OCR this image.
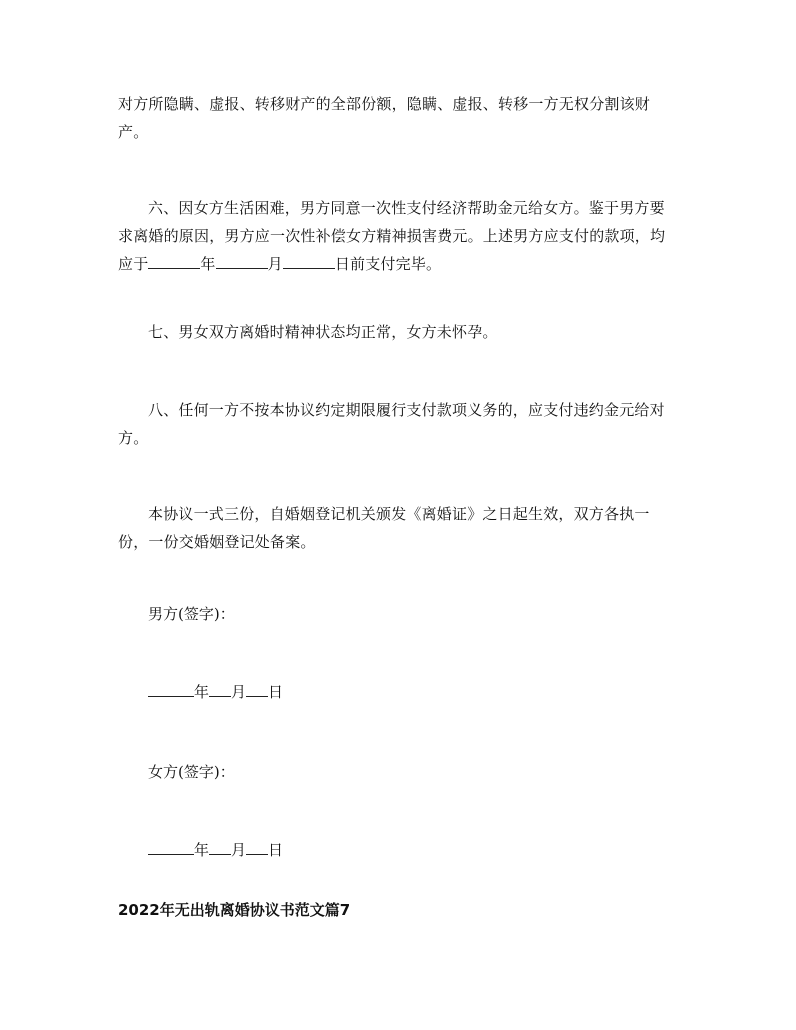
对方所隐瞒、虚报、转移财产的全部份额，隐瞒、虚报、转移一方无权分割该财产。

六、因女方生活困难，男方同意一次性支付经济帮助金元给女方。鉴于男方要求离婚的原因，男方应一次性补偿女方精神损害费元。上述男方应支付的款项，均应于	年	月	日前支付完毕。

七、男女双方离婚时精神状态均正常，女方未怀孕。

八、任何一方不按本协议约定期限履行支付款项义务的，应支付违约金元给对方。

本协议一式三份，自婚姻登记机关颁发《离婚证》之日起生效，双方各执一份，一份交婚姻登记处备案。

男方(签字)：

年 月 日

女方(签字)：

年 月 日

2022年无出轨离婚协议书范文篇7
